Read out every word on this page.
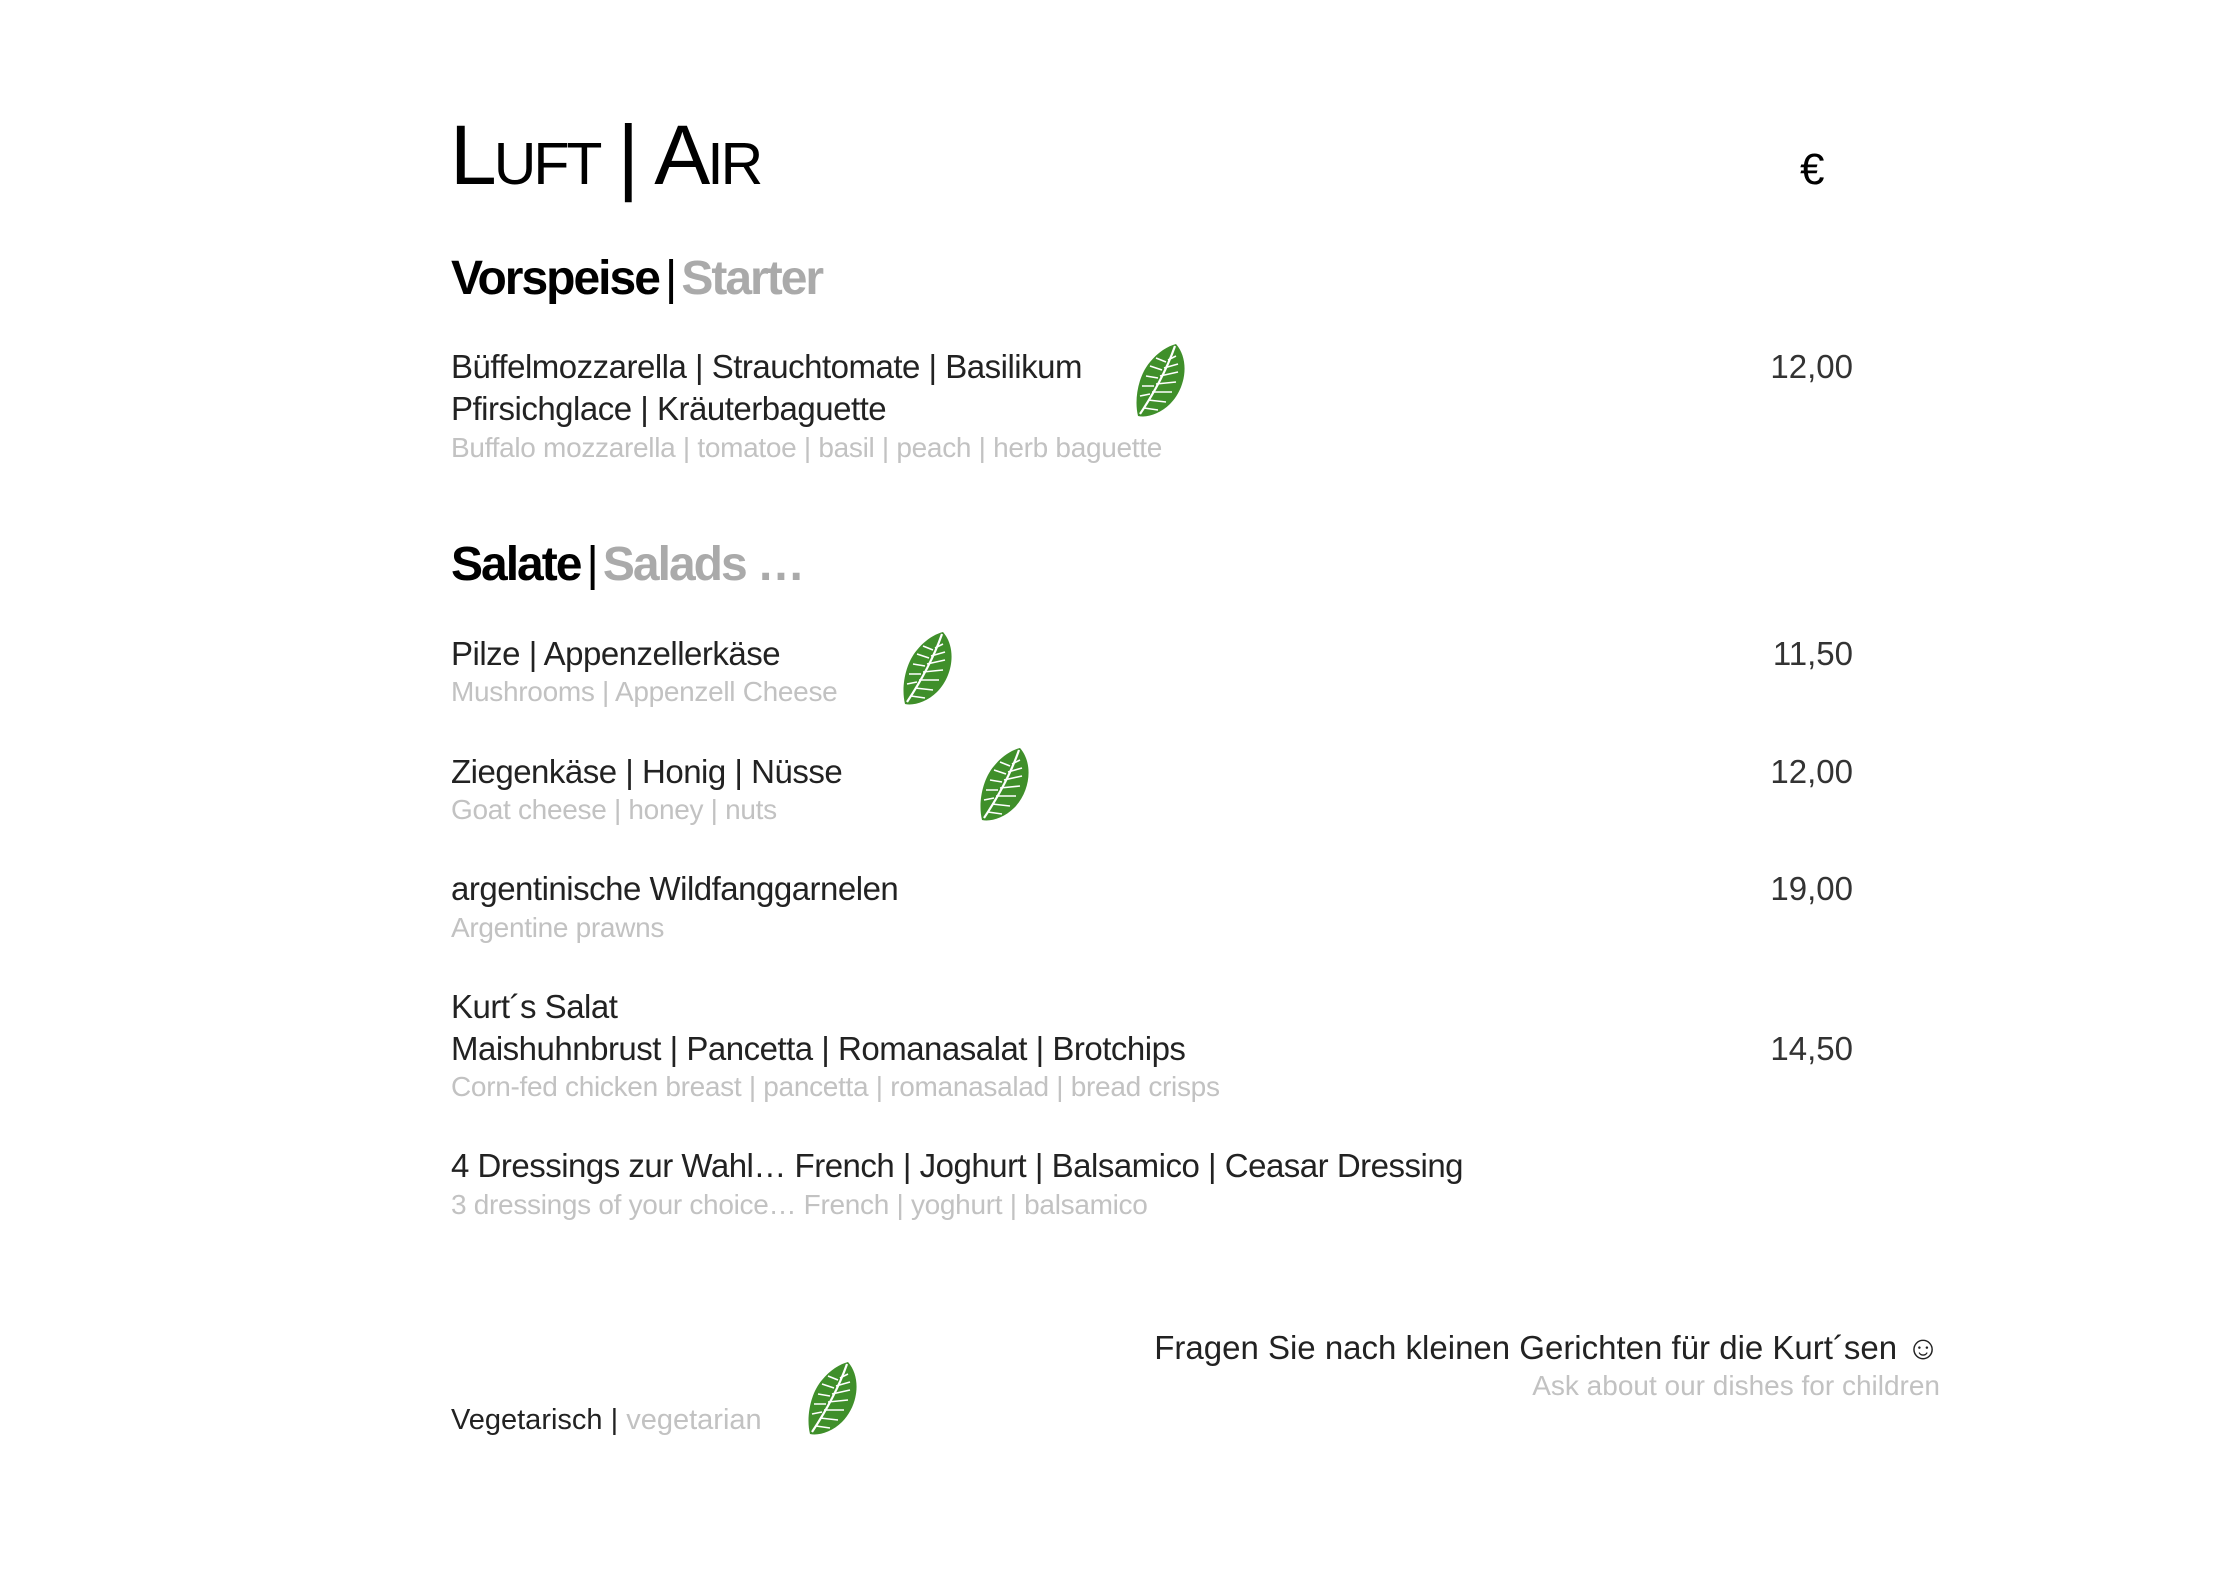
Luft | Air	€
Vorspeise | Starter
Büffelmozzarella | Strauchtomate | Basilikum
Pfirsichglace | Kräuterbaguette
Buffalo mozzarella | tomatoe | basil | peach | herb baguette
12,00
Salate | Salads …
Pilze | Appenzellerkäse
Mushrooms | Appenzell Cheese
11,50
Ziegenkäse | Honig | Nüsse
Goat cheese | honey | nuts
12,00
argentinische Wildfanggarnelen
Argentine prawns
19,00
Kurt´s Salat
Maishuhnbrust | Pancetta | Romanasalat | Brotchips
Corn-fed chicken breast | pancetta | romanasalad | bread crisps
14,50
4 Dressings zur Wahl… French | Joghurt | Balsamico | Ceasar Dressing
3 dressings of your choice… French | yoghurt | balsamico
Fragen Sie nach kleinen Gerichten für die Kurt´sen ☺
Ask about our dishes for children
Vegetarisch | vegetarian
